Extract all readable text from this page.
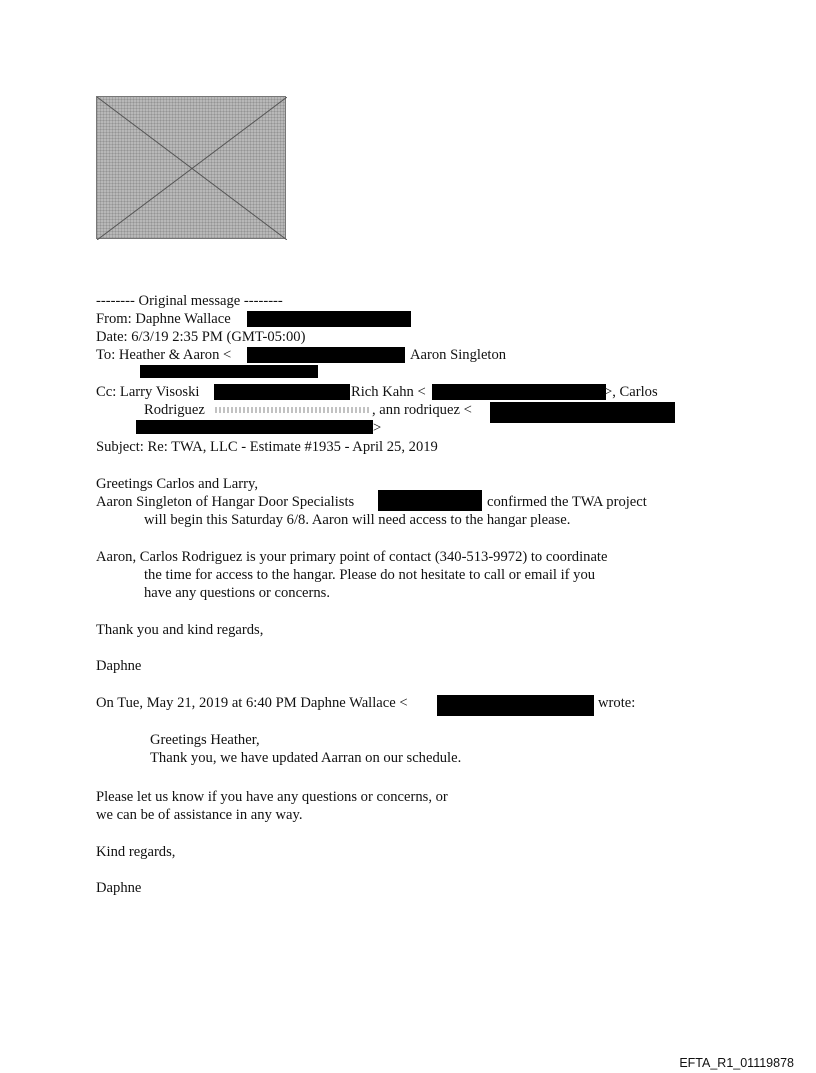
-------- Original message --------
From: Daphne Wallace
Date: 6/3/19 2:35 PM (GMT-05:00)
To: Heather & Aaron <	Aaron Singleton
Cc: Larry Visoski	Rich Kahn <	>, Carlos
Rodriguez	, ann rodriquez <
>
Subject: Re: TWA, LLC - Estimate #1935 - April 25, 2019
Greetings Carlos and Larry,
Aaron Singleton of Hangar Door Specialists	confirmed the TWA project
will begin this Saturday 6/8. Aaron will need access to the hangar please.
Aaron, Carlos Rodriguez is your primary point of contact (340-513-9972) to coordinate
the time for access to the hangar. Please do not hesitate to call or email if you
have any questions or concerns.
Thank you and kind regards,
Daphne
On Tue, May 21, 2019 at 6:40 PM Daphne Wallace <	wrote:
Greetings Heather,
Thank you, we have updated Aarran on our schedule.
Please let us know if you have any questions or concerns, or
we can be of assistance in any way.
Kind regards,
Daphne
EFTA_R1_01119878
